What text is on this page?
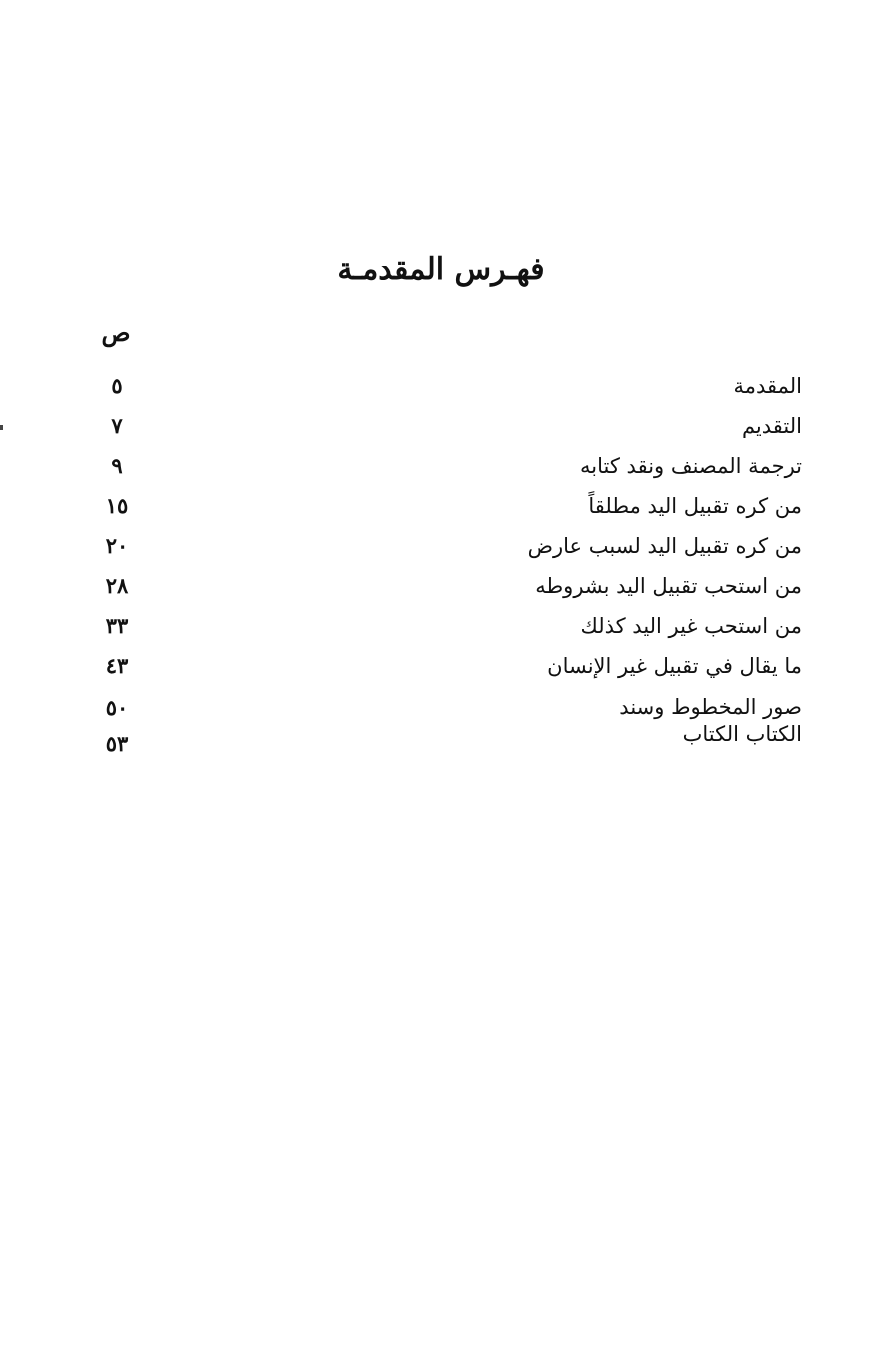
فهـرس المقدمـة
ص
المقدمة
٥
التقديم
٧
ترجمة المصنف ونقد كتابه
٩
من كره تقبيل اليد مطلقاً
١٥
من كره تقبيل اليد لسبب عارض
٢٠
من استحب تقبيل اليد بشروطه
٢٨
من استحب غير اليد كذلك
٣٣
ما يقال في تقبيل غير الإنسان
٤٣
صور المخطوط وسند الكتاب الكتاب
٥٠
٥٣
